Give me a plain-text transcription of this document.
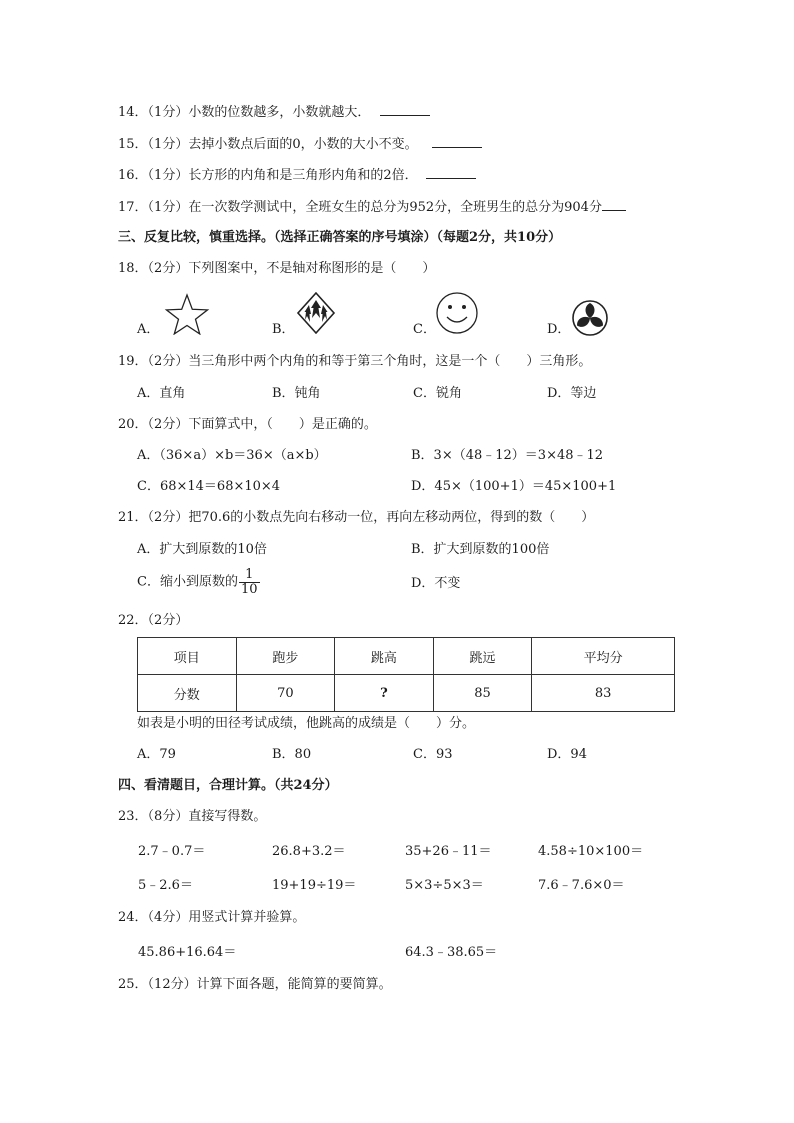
14．（1分）小数的位数越多，小数就越大．
15．（1分）去掉小数点后面的0，小数的大小不变。
16．（1分）长方形的内角和是三角形内角和的2倍．
17．（1分）在一次数学测试中，全班女生的总分为952分，全班男生的总分为904分
三、反复比较，慎重选择。（选择正确答案的序号填涂）（每题2分，共10分）
18．（2分）下列图案中，不是轴对称图形的是（　　）
A．	B．	C．	D．
19．（2分）当三角形中两个内角的和等于第三个角时，这是一个（　　）三角形。
A．直角	B．钝角	C．锐角	D．等边
20．（2分）下面算式中，（　　）是正确的。
A．（36×a）×b＝36×（a×b）	B．3×（48﹣12）＝3×48﹣12
C．68×14＝68×10×4	D．45×（100+1）＝45×100+1
21．（2分）把70.6的小数点先向右移动一位，再向左移动两位，得到的数（　　）
A．扩大到原数的10倍	B．扩大到原数的100倍
C．缩小到原数的 $\frac{1}{10}$	D．不变
22．（2分）
项目	跑步	跳高	跳远	平均分
分数	70	?	85	83
如表是小明的田径考试成绩，他跳高的成绩是（　　）分。
A．79	B．80	C．93	D．94
四、看清题目，合理计算。（共24分）
23．（8分）直接写得数。
2.7﹣0.7＝	26.8+3.2＝	35+26﹣11＝	4.58÷10×100＝
5﹣2.6＝	19+19÷19＝	5×3÷5×3＝	7.6﹣7.6×0＝
24．（4分）用竖式计算并验算。
45.86+16.64＝	64.3﹣38.65＝
25．（12分）计算下面各题，能简算的要简算。
